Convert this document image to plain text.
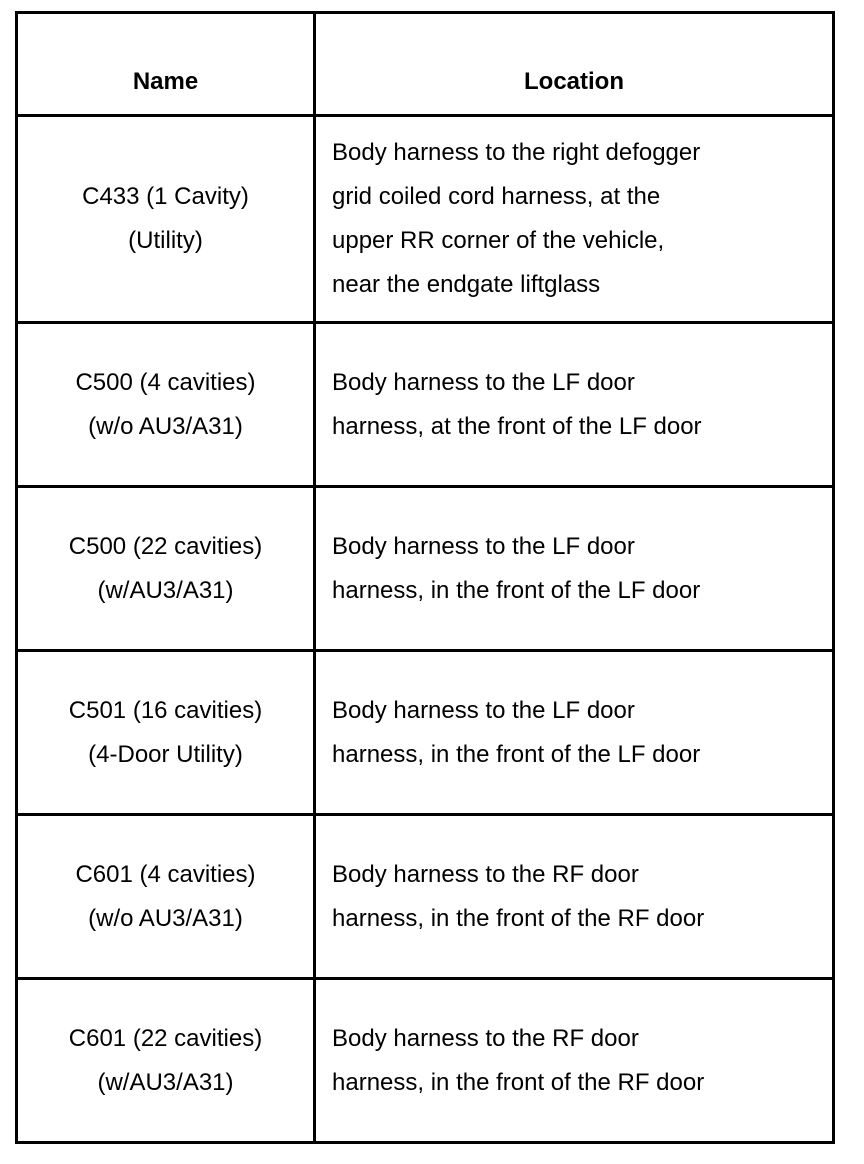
Name	Location

C433 (1 Cavity)
(Utility)	Body harness to the right defogger
grid coiled cord harness, at the
upper RR corner of the vehicle,
near the endgate liftglass

C500 (4 cavities)
(w/o AU3/A31)	Body harness to the LF door
harness, at the front of the LF door

C500 (22 cavities)
(w/AU3/A31)	Body harness to the LF door
harness, in the front of the LF door

C501 (16 cavities)
(4-Door Utility)	Body harness to the LF door
harness, in the front of the LF door

C601 (4 cavities)
(w/o AU3/A31)	Body harness to the RF door
harness, in the front of the RF door

C601 (22 cavities)
(w/AU3/A31)	Body harness to the RF door
harness, in the front of the RF door
